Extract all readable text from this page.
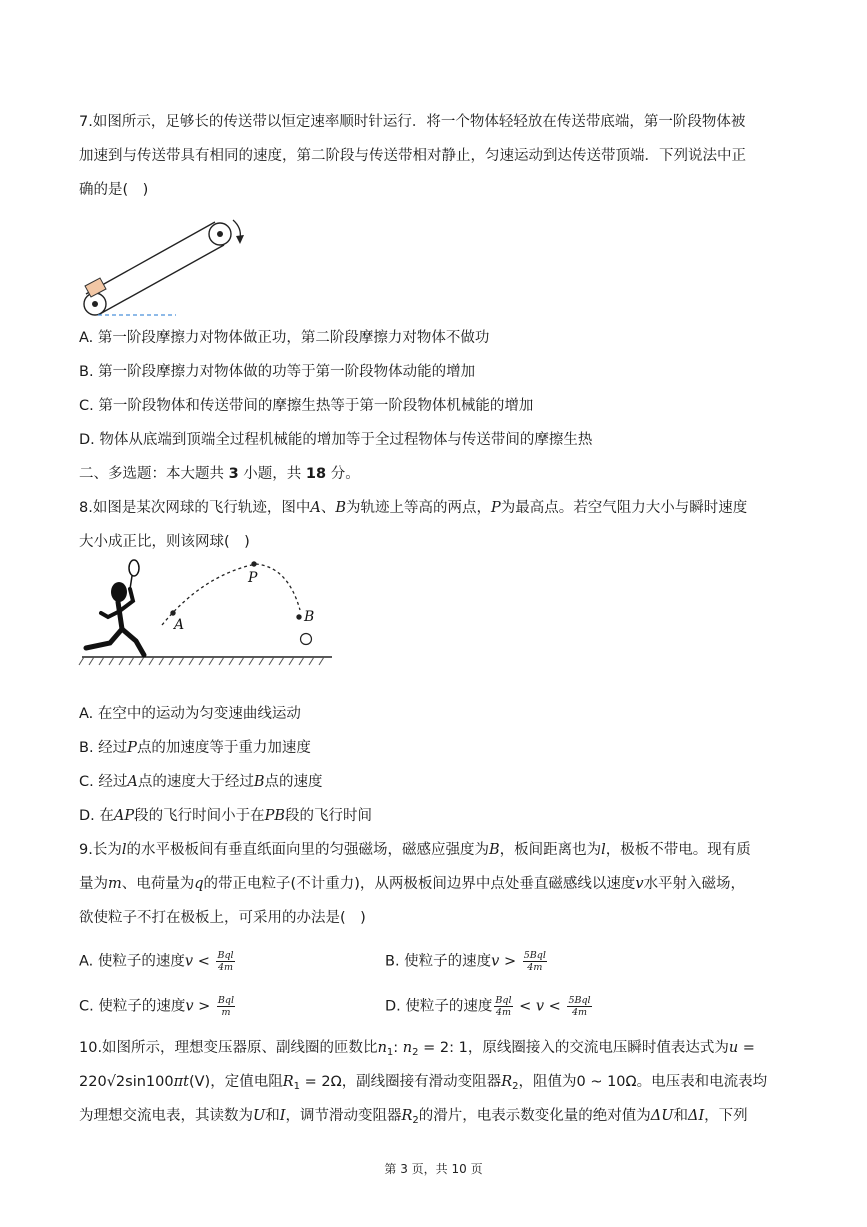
7.如图所示，足够长的传送带以恒定速率顺时针运行．将一个物体轻轻放在传送带底端，第一阶段物体被
加速到与传送带具有相同的速度，第二阶段与传送带相对静止，匀速运动到达传送带顶端．下列说法中正
确的是(　)
A. 第一阶段摩擦力对物体做正功，第二阶段摩擦力对物体不做功
B. 第一阶段摩擦力对物体做的功等于第一阶段物体动能的增加
C. 第一阶段物体和传送带间的摩擦生热等于第一阶段物体机械能的增加
D. 物体从底端到顶端全过程机械能的增加等于全过程物体与传送带间的摩擦生热
二、多选题：本大题共 3 小题，共 18 分。
8.如图是某次网球的飞行轨迹，图中A、B为轨迹上等高的两点，P为最高点。若空气阻力大小与瞬时速度
大小成正比，则该网球(　)
P
A	B
A. 在空中的运动为匀变速曲线运动
B. 经过P点的加速度等于重力加速度
C. 经过A点的速度大于经过B点的速度
D. 在AP段的飞行时间小于在PB段的飞行时间
9.长为l的水平极板间有垂直纸面向里的匀强磁场，磁感应强度为B，板间距离也为l，极板不带电。现有质
量为m、电荷量为q的带正电粒子(不计重力)，从两极板间边界中点处垂直磁感线以速度v水平射入磁场，
欲使粒子不打在极板上，可采用的办法是(　)
A. 使粒子的速度$v < \frac{\text{Bql}}{4m}$	B. 使粒子的速度$v > \frac{\text{5Bql}}{4m}$
C. 使粒子的速度$v > \frac{\text{Bql}}{m}$	D. 使粒子的速度 $\frac{\text{Bql}}{4m} < v < \frac{\text{5Bql}}{4m}$
10.如图所示，理想变压器原、副线圈的匝数比$n_1$: $n_2 = 2$: 1，原线圈接入的交流电压瞬时值表达式为u =
220√2sin100πt(V)，定值电阻$R_1 = 2\Omega$，副线圈接有滑动变阻器$R_2$，阻值为0 ~ 10Ω。电压表和电流表均
为理想交流电表，其读数为U和I，调节滑动变阻器$R_2$的滑片，电表示数变化量的绝对值为ΔU和ΔI，下列
第 3 页，共 10 页
